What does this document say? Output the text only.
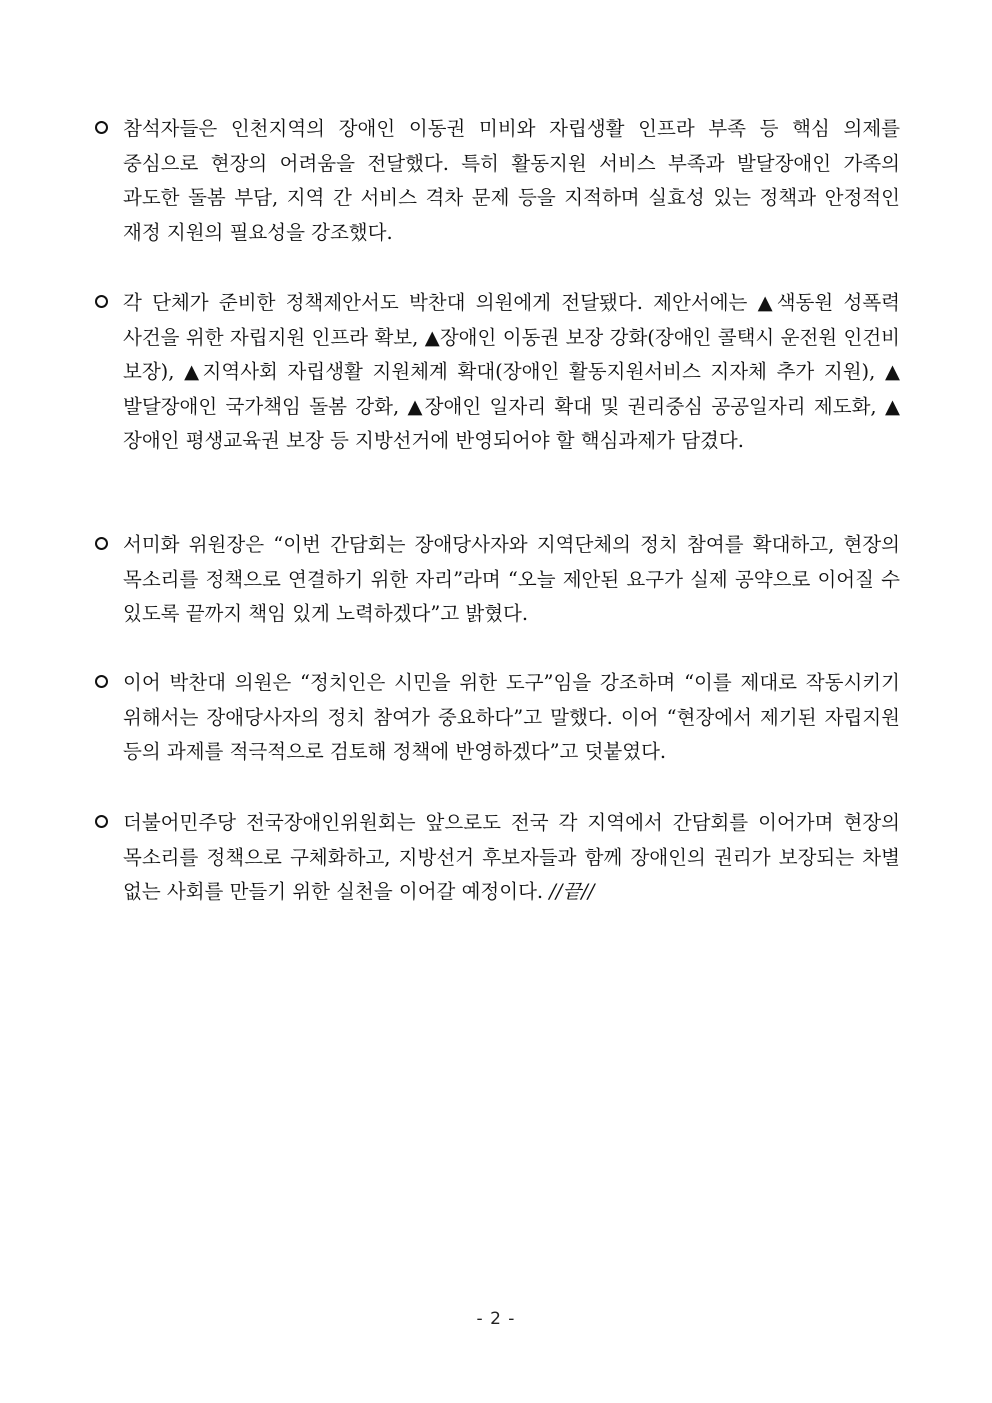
참석자들은 인천지역의 장애인 이동권 미비와 자립생활 인프라 부족 등 핵심 의제를 중심으로 현장의 어려움을 전달했다. 특히 활동지원 서비스 부족과 발달장애인 가족의 과도한 돌봄 부담, 지역 간 서비스 격차 문제 등을 지적하며 실효성 있는 정책과 안정적인 재정 지원의 필요성을 강조했다.
각 단체가 준비한 정책제안서도 박찬대 의원에게 전달됐다. 제안서에는 ▲색동원 성폭력 사건을 위한 자립지원 인프라 확보, ▲장애인 이동권 보장 강화(장애인 콜택시 운전원 인건비 보장), ▲지역사회 자립생활 지원체계 확대(장애인 활동지원서비스 지자체 추가 지원), ▲발달장애인 국가책임 돌봄 강화, ▲장애인 일자리 확대 및 권리중심 공공일자리 제도화, ▲장애인 평생교육권 보장 등 지방선거에 반영되어야 할 핵심과제가 담겼다.
서미화 위원장은 “이번 간담회는 장애당사자와 지역단체의 정치 참여를 확대하고, 현장의 목소리를 정책으로 연결하기 위한 자리”라며 “오늘 제안된 요구가 실제 공약으로 이어질 수 있도록 끝까지 책임 있게 노력하겠다”고 밝혔다.
이어 박찬대 의원은 “정치인은 시민을 위한 도구”임을 강조하며 “이를 제대로 작동시키기 위해서는 장애당사자의 정치 참여가 중요하다”고 말했다. 이어 “현장에서 제기된 자립지원 등의 과제를 적극적으로 검토해 정책에 반영하겠다”고 덧붙였다.
더불어민주당 전국장애인위원회는 앞으로도 전국 각 지역에서 간담회를 이어가며 현장의 목소리를 정책으로 구체화하고, 지방선거 후보자들과 함께 장애인의 권리가 보장되는 차별 없는 사회를 만들기 위한 실천을 이어갈 예정이다. //끝//
- 2 -
